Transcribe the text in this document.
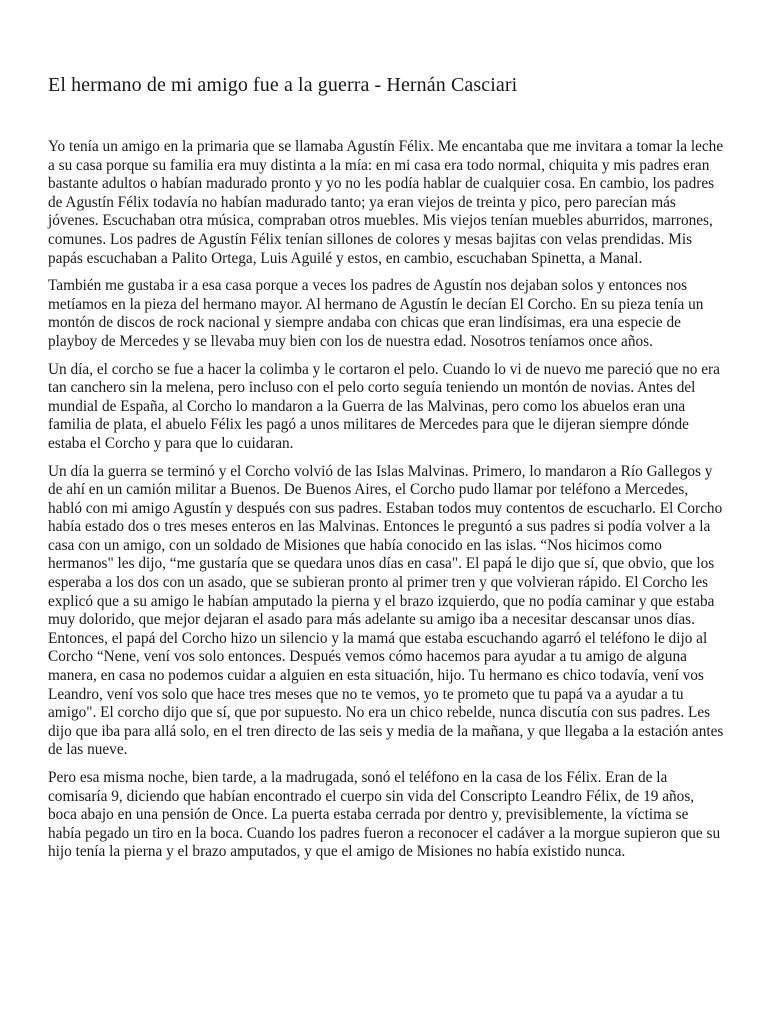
El hermano de mi amigo fue a la guerra - Hernán Casciari

Yo tenía un amigo en la primaria que se llamaba Agustín Félix. Me encantaba que me invitara a tomar la leche a su casa porque su familia era muy distinta a la mía: en mi casa era todo normal, chiquita y mis padres eran bastante adultos o habían madurado pronto y yo no les podía hablar de cualquier cosa. En cambio, los padres de Agustín Félix todavía no habían madurado tanto; ya eran viejos de treinta y pico, pero parecían más jóvenes. Escuchaban otra música, compraban otros muebles. Mis viejos tenían muebles aburridos, marrones, comunes. Los padres de Agustín Félix tenían sillones de colores y mesas bajitas con velas prendidas. Mis papás escuchaban a Palito Ortega, Luis Aguilé y estos, en cambio, escuchaban Spinetta, a Manal.

También me gustaba ir a esa casa porque a veces los padres de Agustín nos dejaban solos y entonces nos metíamos en la pieza del hermano mayor. Al hermano de Agustín le decían El Corcho. En su pieza tenía un montón de discos de rock nacional y siempre andaba con chicas que eran lindísimas, era una especie de playboy de Mercedes y se llevaba muy bien con los de nuestra edad. Nosotros teníamos once años.

Un día, el corcho se fue a hacer la colimba y le cortaron el pelo. Cuando lo vi de nuevo me pareció que no era tan canchero sin la melena, pero incluso con el pelo corto seguía teniendo un montón de novias. Antes del mundial de España, al Corcho lo mandaron a la Guerra de las Malvinas, pero como los abuelos eran una familia de plata, el abuelo Félix les pagó a unos militares de Mercedes para que le dijeran siempre dónde estaba el Corcho y para que lo cuidaran.

Un día la guerra se terminó y el Corcho volvió de las Islas Malvinas. Primero, lo mandaron a Río Gallegos y de ahí en un camión militar a Buenos. De Buenos Aires, el Corcho pudo llamar por teléfono a Mercedes, habló con mi amigo Agustín y después con sus padres. Estaban todos muy contentos de escucharlo. El Corcho había estado dos o tres meses enteros en las Malvinas. Entonces le preguntó a sus padres si podía volver a la casa con un amigo, con un soldado de Misiones que había conocido en las islas. “Nos hicimos como hermanos" les dijo, “me gustaría que se quedara unos días en casa". El papá le dijo que sí, que obvio, que los esperaba a los dos con un asado, que se subieran pronto al primer tren y que volvieran rápido. El Corcho les explicó que a su amigo le habían amputado la pierna y el brazo izquierdo, que no podía caminar y que estaba muy dolorido, que mejor dejaran el asado para más adelante su amigo iba a necesitar descansar unos días. Entonces, el papá del Corcho hizo un silencio y la mamá que estaba escuchando agarró el teléfono le dijo al Corcho “Nene, vení vos solo entonces. Después vemos cómo hacemos para ayudar a tu amigo de alguna manera, en casa no podemos cuidar a alguien en esta situación, hijo. Tu hermano es chico todavía, vení vos Leandro, vení vos solo que hace tres meses que no te vemos, yo te prometo que tu papá va a ayudar a tu amigo". El corcho dijo que sí, que por supuesto. No era un chico rebelde, nunca discutía con sus padres. Les dijo que iba para allá solo, en el tren directo de las seis y media de la mañana, y que llegaba a la estación antes de las nueve.

Pero esa misma noche, bien tarde, a la madrugada, sonó el teléfono en la casa de los Félix. Eran de la comisaría 9, diciendo que habían encontrado el cuerpo sin vida del Conscripto Leandro Félix, de 19 años, boca abajo en una pensión de Once. La puerta estaba cerrada por dentro y, previsiblemente, la víctima se había pegado un tiro en la boca. Cuando los padres fueron a reconocer el cadáver a la morgue supieron que su hijo tenía la pierna y el brazo amputados, y que el amigo de Misiones no había existido nunca.
